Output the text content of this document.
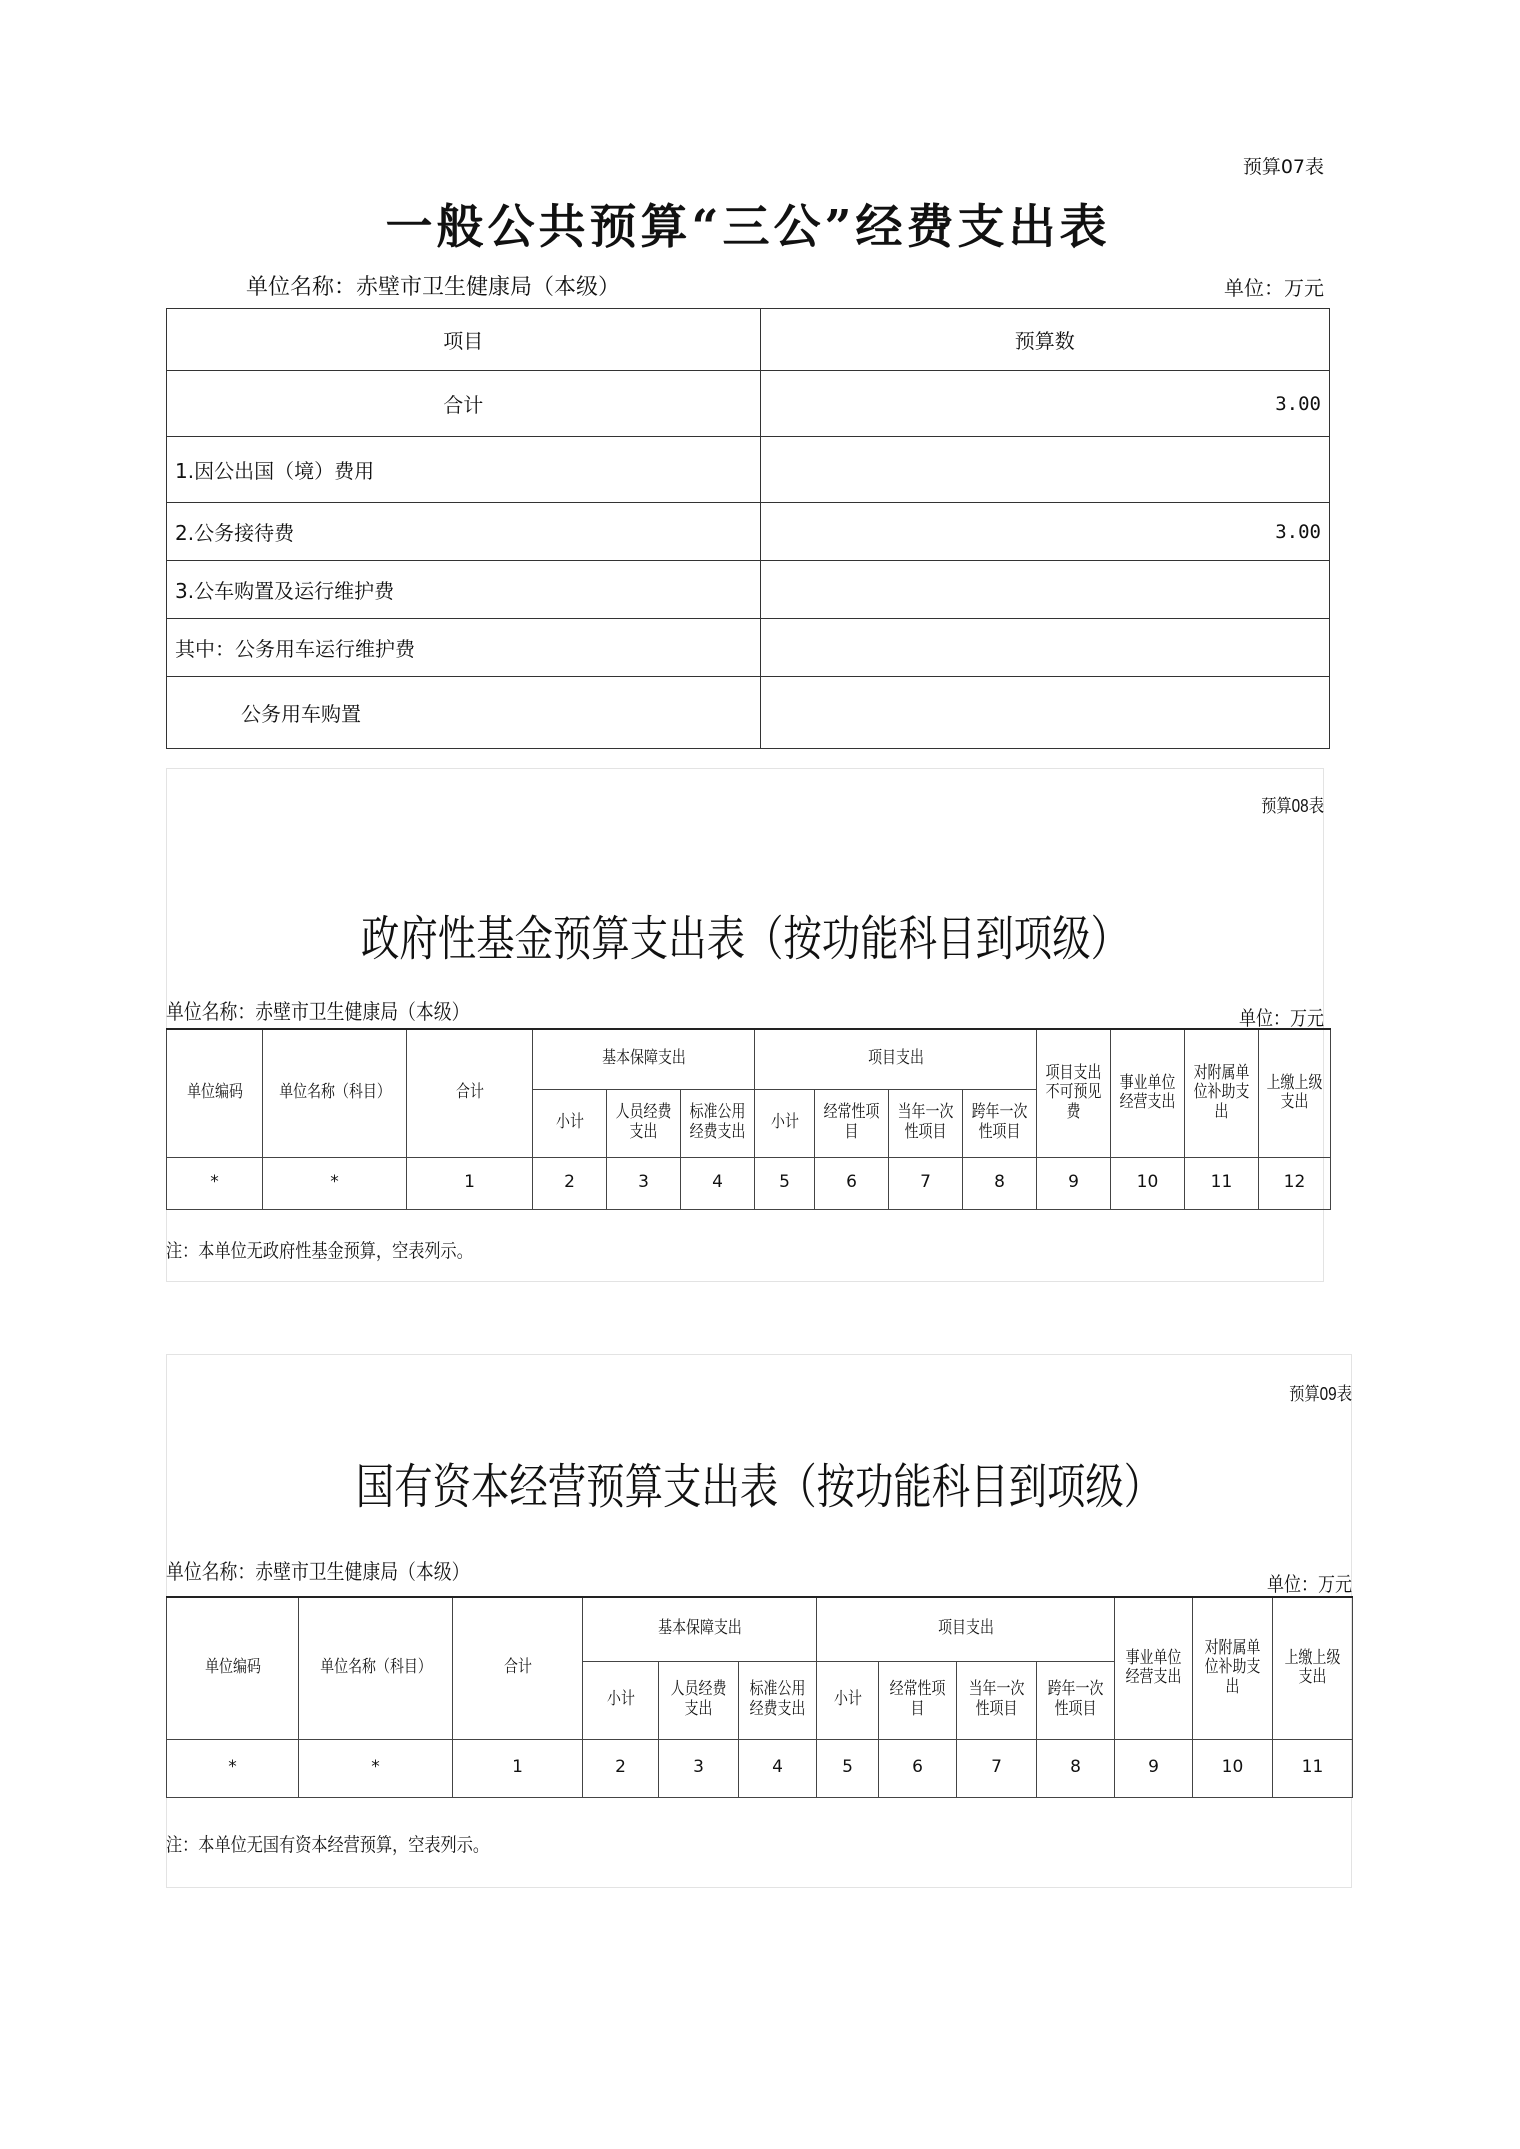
预算07表
一般公共预算“三公”经费支出表
单位名称：赤壁市卫生健康局（本级）	单位：万元
项目	预算数
合计	3.00
1.因公出国（境）费用	
2.公务接待费	3.00
3.公车购置及运行维护费	
其中：公务用车运行维护费	
公务用车购置	
预算08表
政府性基金预算支出表（按功能科目到项级）
单位名称：赤壁市卫生健康局（本级）	单位：万元
单位编码	单位名称（科目）	合计	基本保障支出			项目支出				项目支出不可预见费	事业单位经营支出	对附属单位补助支出	上缴上级支出
			小计	人员经费支出	标准公用经费支出	小计	经常性项目	当年一次性项目	跨年一次性项目				
*	*	1	2	3	4	5	6	7	8	9	10	11	12
注：本单位无政府性基金预算，空表列示。
预算09表
国有资本经营预算支出表（按功能科目到项级）
单位名称：赤壁市卫生健康局（本级）	单位：万元
单位编码	单位名称（科目）	合计	基本保障支出			项目支出				事业单位经营支出	对附属单位补助支出	上缴上级支出
			小计	人员经费支出	标准公用经费支出	小计	经常性项目	当年一次性项目	跨年一次性项目			
*	*	1	2	3	4	5	6	7	8	9	10	11
注：本单位无国有资本经营预算，空表列示。
